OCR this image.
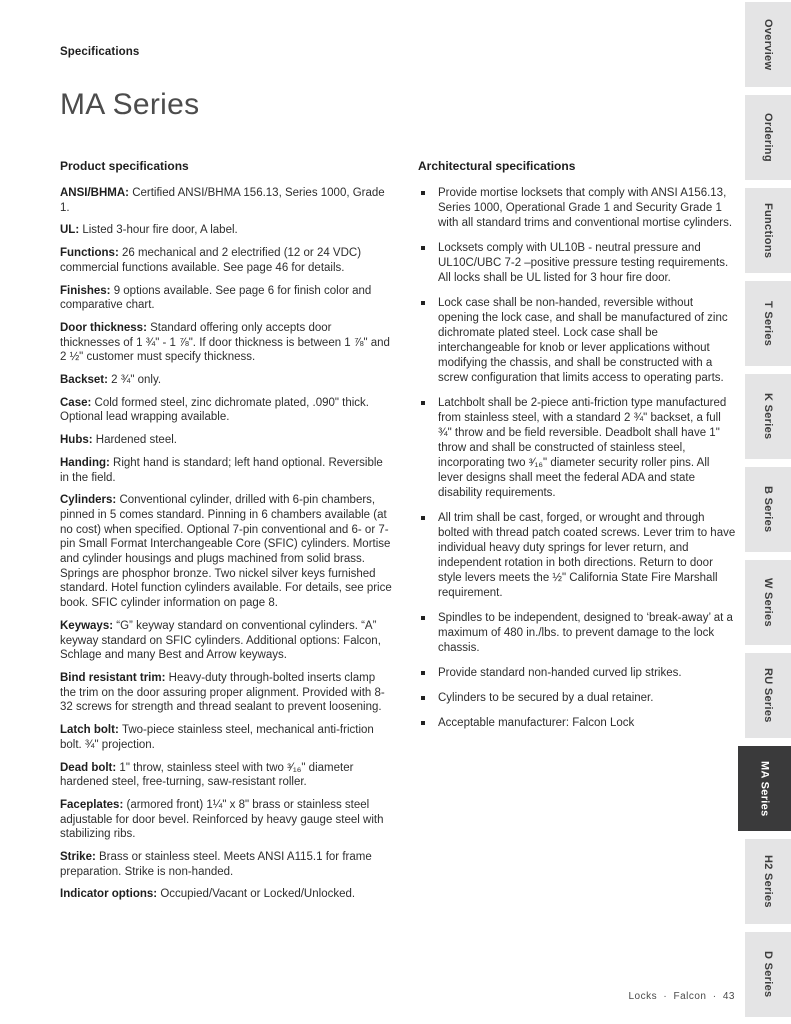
Specifications
MA Series
Product specifications

ANSI/BHMA: Certified ANSI/BHMA 156.13, Series 1000, Grade 1.

UL: Listed 3-hour fire door, A label.

Functions: 26 mechanical and 2 electrified (12 or 24 VDC) commercial functions available. See page 46 for details.

Finishes: 9 options available. See page 6 for finish color and comparative chart.

Door thickness: Standard offering only accepts door thicknesses of 1 ¾" - 1 ⅞". If door thickness is between 1 ⅞" and 2 ½" customer must specify thickness.

Backset: 2 ¾" only.

Case: Cold formed steel, zinc dichromate plated, .090" thick. Optional lead wrapping available.

Hubs: Hardened steel.

Handing: Right hand is standard; left hand optional. Reversible in the field.

Cylinders: Conventional cylinder, drilled with 6-pin chambers, pinned in 5 comes standard. Pinning in 6 chambers available (at no cost) when specified. Optional 7-pin conventional and 6- or 7-pin Small Format Interchangeable Core (SFIC) cylinders. Mortise and cylinder housings and plugs machined from solid brass. Springs are phosphor bronze. Two nickel silver keys furnished standard. Hotel function cylinders available. For details, see price book. SFIC cylinder information on page 8.

Keyways: “G” keyway standard on conventional cylinders. “A” keyway standard on SFIC cylinders. Additional options: Falcon, Schlage and many Best and Arrow keyways.

Bind resistant trim: Heavy-duty through-bolted inserts clamp the trim on the door assuring proper alignment. Provided with 8-32 screws for strength and thread sealant to prevent loosening.

Latch bolt: Two-piece stainless steel, mechanical anti-friction bolt. ¾" projection.

Dead bolt: 1" throw, stainless steel with two ³⁄₁₆" diameter hardened steel, free-turning, saw-resistant roller.

Faceplates: (armored front) 1¼" x 8" brass or stainless steel adjustable for door bevel. Reinforced by heavy gauge steel with stabilizing ribs.

Strike: Brass or stainless steel. Meets ANSI A115.1 for frame preparation. Strike is non-handed.

Indicator options: Occupied/Vacant or Locked/Unlocked.

Architectural specifications
Provide mortise locksets that comply with ANSI A156.13, Series 1000, Operational Grade 1 and Security Grade 1 with all standard trims and conventional mortise cylinders.
Locksets comply with UL10B - neutral pressure and UL10C/UBC 7-2 –positive pressure testing requirements. All locks shall be UL listed for 3 hour fire door.
Lock case shall be non-handed, reversible without opening the lock case, and shall be manufactured of zinc dichromate plated steel. Lock case shall be interchangeable for knob or lever applications without modifying the chassis, and shall be constructed with a screw configuration that limits access to operating parts.
Latchbolt shall be 2-piece anti-friction type manufactured from stainless steel, with a standard 2 ¾" backset, a full ¾" throw and be field reversible. Deadbolt shall have 1" throw and shall be constructed of stainless steel, incorporating two ³⁄₁₆" diameter security roller pins. All lever designs shall meet the federal ADA and state disability requirements.
All trim shall be cast, forged, or wrought and through bolted with thread patch coated screws. Lever trim to have individual heavy duty springs for lever return, and independent rotation in both directions. Return to door style levers meets the ½" California State Fire Marshall requirement.
Spindles to be independent, designed to ‘break-away’ at a maximum of 480 in./lbs. to prevent damage to the lock chassis.
Provide standard non-handed curved lip strikes.
Cylinders to be secured by a dual retainer.
Acceptable manufacturer: Falcon Lock
Locks · Falcon · 43
Overview
Ordering
Functions
T Series
K Series
B Series
W Series
RU Series
MA Series
H2 Series
D Series
